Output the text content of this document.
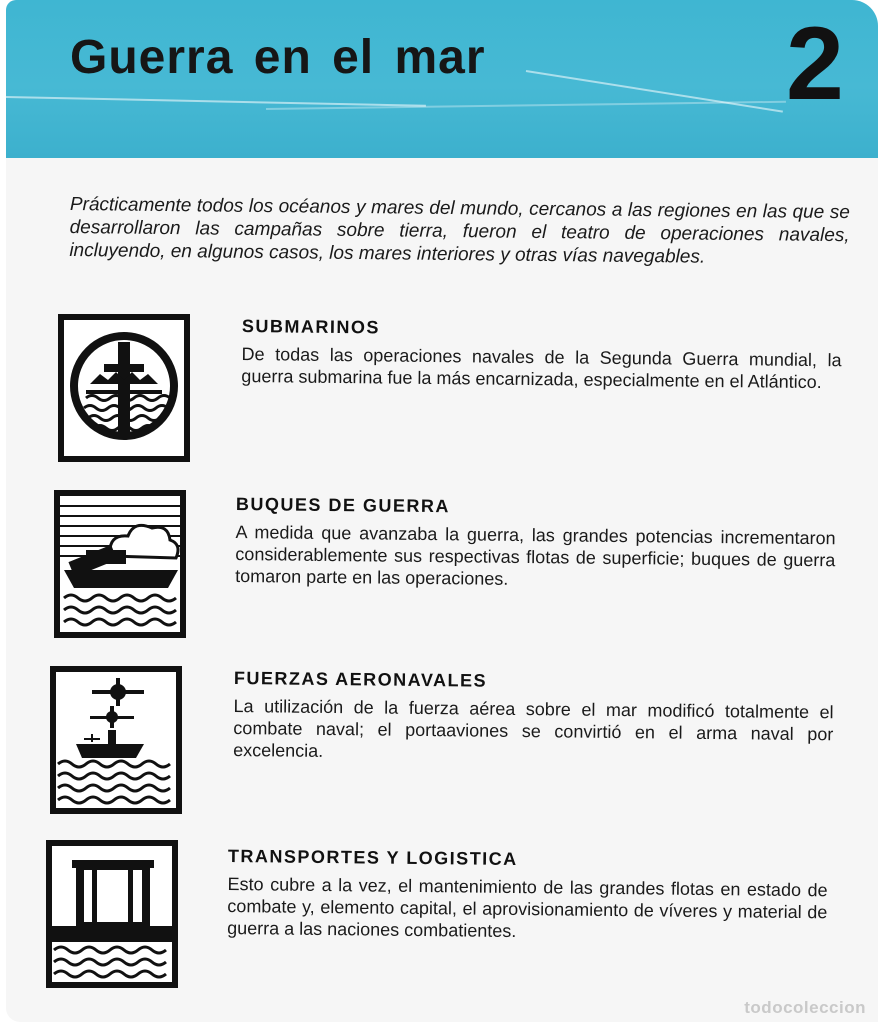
Guerra en el mar	2

Prácticamente todos los océanos y mares del mundo, cercanos a las regiones en las que se desarrollaron las campañas sobre tierra, fueron el teatro de operaciones navales, incluyendo, en algunos casos, los mares interiores y otras vías navegables.

SUBMARINOS

De todas las operaciones navales de la Segunda Guerra mundial, la guerra submarina fue la más encarnizada, especialmente en el Atlántico.

BUQUES DE GUERRA

A medida que avanzaba la guerra, las grandes potencias incrementaron considerablemente sus respectivas flotas de superficie; buques de guerra tomaron parte en las operaciones.

FUERZAS AERONAVALES

La utilización de la fuerza aérea sobre el mar modificó totalmente el combate naval; el portaaviones se convirtió en el arma naval por excelencia.

TRANSPORTES Y LOGISTICA

Esto cubre a la vez, el mantenimiento de las grandes flotas en estado de combate y, elemento capital, el aprovisionamiento de víveres y material de guerra a las naciones combatientes.

todocoleccion
